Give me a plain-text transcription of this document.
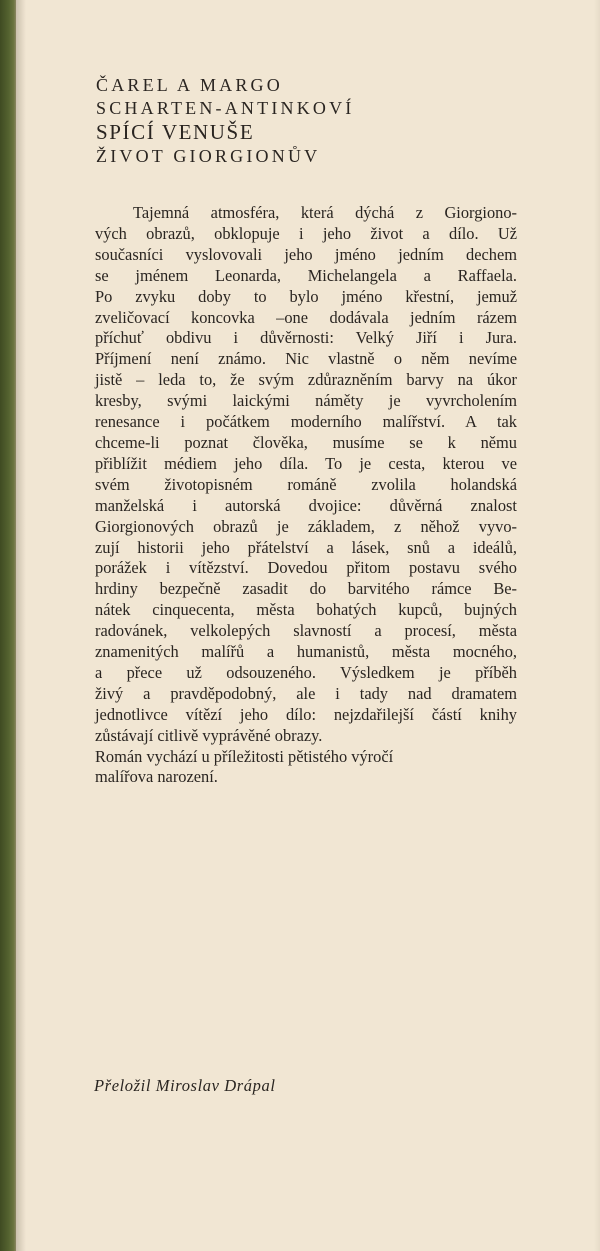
ČAREL A MARGO

SCHARTEN-ANTINKOVÍ

SPÍCÍ VENUŠE

ŽIVOT GIORGIONŮV

Tajemná atmosféra, která dýchá z Giorgiono-
vých obrazů, obklopuje i jeho život a dílo. Už
současníci vyslovovali jeho jméno jedním dechem
se jménem Leonarda, Michelangela a Raffaela.
Po zvyku doby to bylo jméno křestní, jemuž
zveličovací koncovka –one dodávala jedním rázem
příchuť obdivu i důvěrnosti: Velký Jiří i Jura.
Příjmení není známo. Nic vlastně o něm nevíme
jistě – leda to, že svým zdůrazněním barvy na úkor
kresby, svými laickými náměty je vyvrcholením
renesance i počátkem moderního malířství. A tak
chceme-li poznat člověka, musíme se k němu
přiblížit médiem jeho díla. To je cesta, kterou ve
svém životopisném románě zvolila holandská
manželská i autorská dvojice: důvěrná znalost
Giorgionových obrazů je základem, z něhož vyvo-
zují historii jeho přátelství a lásek, snů a ideálů,
porážek i vítězství. Dovedou přitom postavu svého
hrdiny bezpečně zasadit do barvitého rámce Be-
nátek cinquecenta, města bohatých kupců, bujných
radovánek, velkolepých slavností a procesí, města
znamenitých malířů a humanistů, města mocného,
a přece už odsouzeného. Výsledkem je příběh
živý a pravděpodobný, ale i tady nad dramatem
jednotlivce vítězí jeho dílo: nejzdařilejší částí knihy
zůstávají citlivě vyprávěné obrazy.
Román vychází u příležitosti pětistého výročí
malířova narození.
Přeložil Miroslav Drápal
